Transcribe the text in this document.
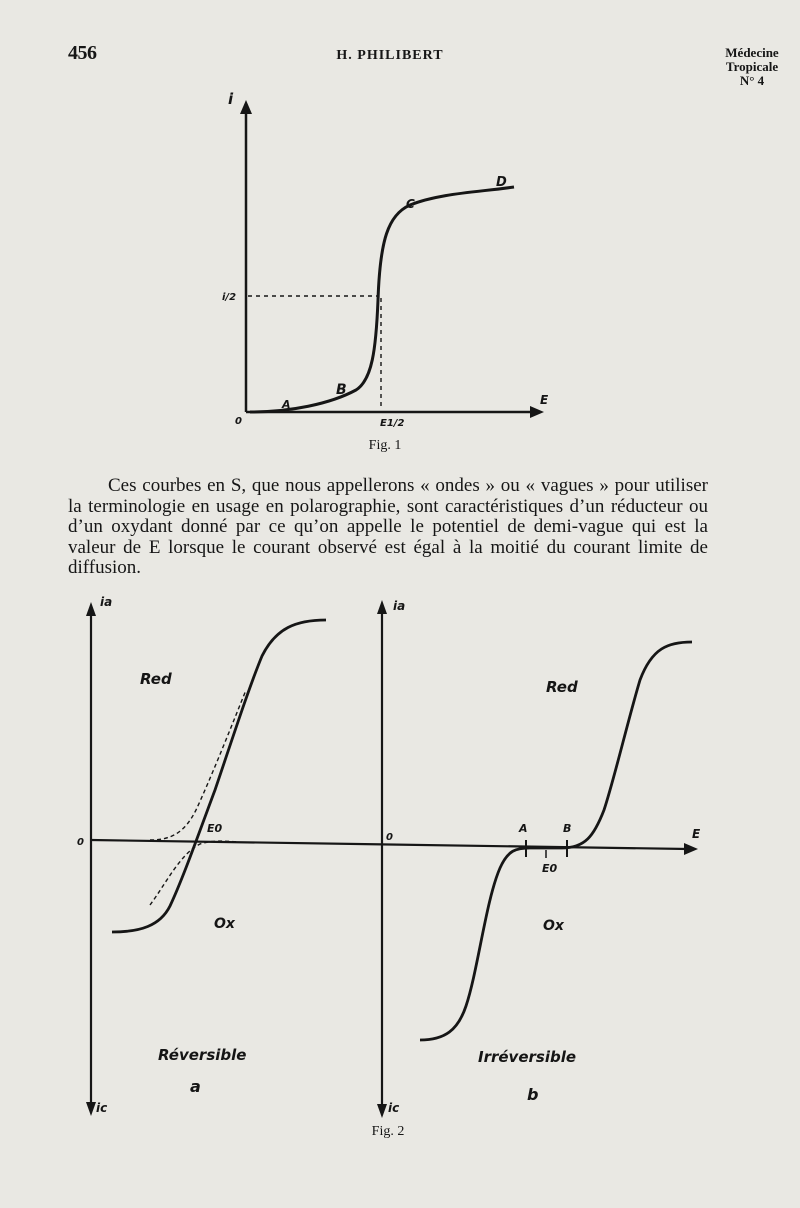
456	H. PHILIBERT	Médecine
Tropicale
N° 4
i
i/2
0
E
A
B
C
D
E1/2
Fig. 1

Ces courbes en S, que nous appellerons « ondes » ou « vagues » pour utiliser la terminologie en usage en polarographie, sont caractéristiques d’un réducteur ou d’un oxydant donné par ce qu’on appelle le potentiel de demi-vague qui est la valeur de E lorsque le courant observé est égal à la moitié du courant limite de diffusion.

ia
ic
0
Red
E0
Ox
Réversible
a
ia
ic
0	E
Red
A	B
E0
Ox
Irréversible
b
Fig. 2
